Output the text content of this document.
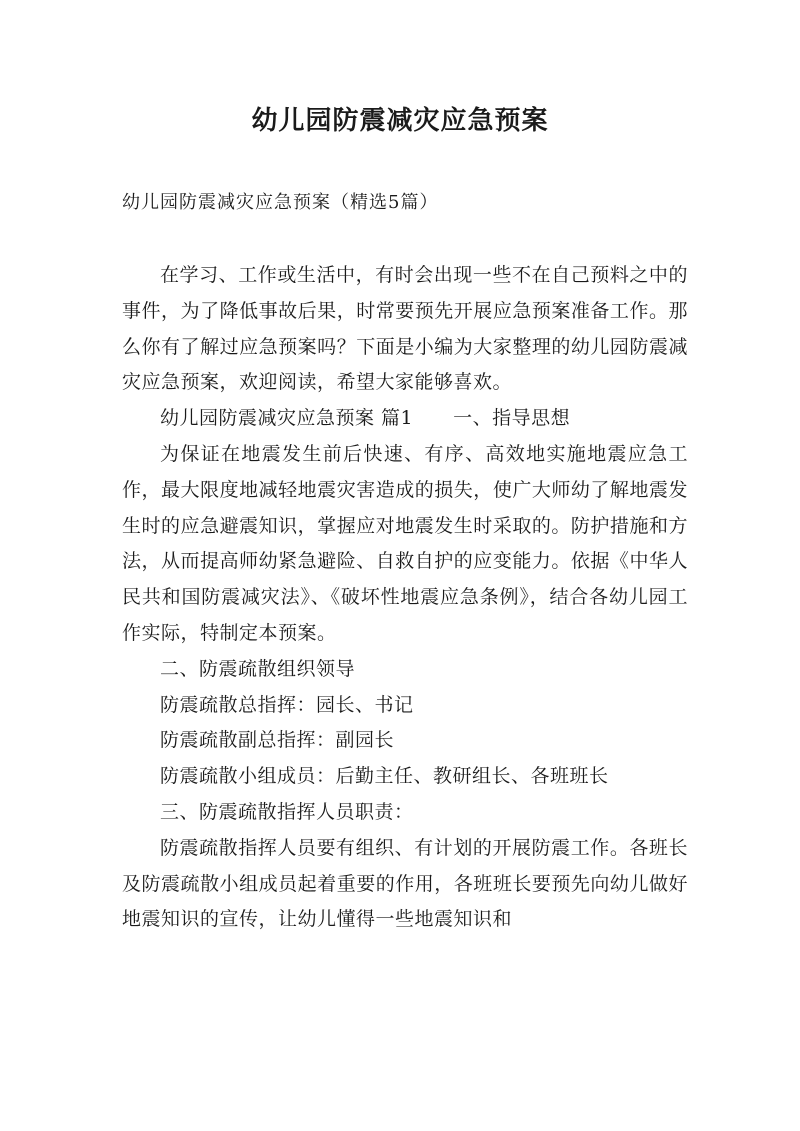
幼儿园防震减灾应急预案
幼儿园防震减灾应急预案（精选5篇）

在学习、工作或生活中，有时会出现一些不在自己预料之中的事件，为了降低事故后果，时常要预先开展应急预案准备工作。那么你有了解过应急预案吗？下面是小编为大家整理的幼儿园防震减灾应急预案，欢迎阅读，希望大家能够喜欢。

幼儿园防震减灾应急预案 篇1 一、指导思想

为保证在地震发生前后快速、有序、高效地实施地震应急工作，最大限度地减轻地震灾害造成的损失，使广大师幼了解地震发生时的应急避震知识，掌握应对地震发生时采取的。防护措施和方法，从而提高师幼紧急避险、自救自护的应变能力。依据《中华人民共和国防震减灾法》、《破坏性地震应急条例》，结合各幼儿园工作实际，特制定本预案。

二、防震疏散组织领导

防震疏散总指挥：园长、书记

防震疏散副总指挥：副园长

防震疏散小组成员：后勤主任、教研组长、各班班长

三、防震疏散指挥人员职责：

防震疏散指挥人员要有组织、有计划的开展防震工作。各班长及防震疏散小组成员起着重要的作用，各班班长要预先向幼儿做好地震知识的宣传，让幼儿懂得一些地震知识和
